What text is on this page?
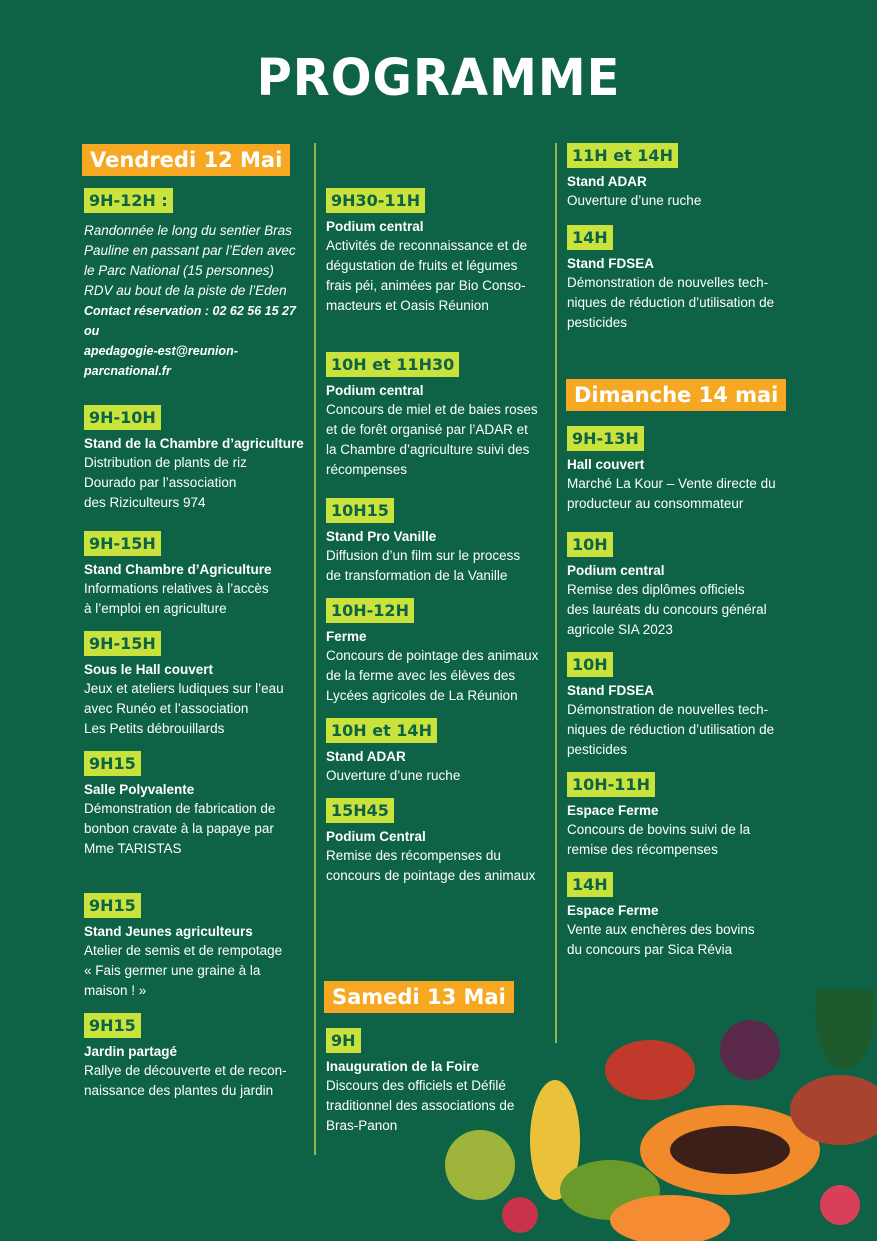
PROGRAMME
Vendredi 12 Mai
9H-12H :
Randonnée le long du sentier Bras
Pauline en passant par l’Eden avec
le Parc National (15 personnes)
RDV au bout de la piste de l’Eden
Contact réservation : 02 62 56 15 27 ou
apedagogie-est@reunion-parcnational.fr
9H-10H
Stand de la Chambre d’agriculture
Distribution de plants de riz
Dourado par l’association
des Riziculteurs 974
9H-15H
Stand Chambre d’Agriculture
Informations relatives à l’accès
à l’emploi en agriculture
9H-15H
Sous le Hall couvert
Jeux et ateliers ludiques sur l’eau
avec Runéo et l’association
Les Petits débrouillards
9H15
Salle Polyvalente
Démonstration de fabrication de
bonbon cravate à la papaye par
Mme TARISTAS
9H15
Stand Jeunes agriculteurs
Atelier de semis et de rempotage
« Fais germer une graine à la
maison ! »
9H15
Jardin partagé
Rallye de découverte et de recon-
naissance des plantes du jardin
9H30-11H
Podium central
Activités de reconnaissance et de
dégustation de fruits et légumes
frais péi, animées par Bio Conso-
macteurs et Oasis Réunion
10H et 11H30
Podium central
Concours de miel et de baies roses
et de forêt organisé par l’ADAR et
la Chambre d’agriculture suivi des
récompenses
10H15
Stand Pro Vanille
Diffusion d’un film sur le process
de transformation de la Vanille
10H-12H
Ferme
Concours de pointage des animaux
de la ferme avec les élèves des
Lycées agricoles de La Réunion
10H et 14H
Stand ADAR
Ouverture d’une ruche
15H45
Podium Central
Remise des récompenses du
concours de pointage des animaux
Samedi 13 Mai
9H
Inauguration de la Foire
Discours des officiels et Défilé
traditionnel des associations de
Bras-Panon
11H et 14H
Stand ADAR
Ouverture d’une ruche
14H
Stand FDSEA
Démonstration de nouvelles tech-
niques de réduction d’utilisation de
pesticides
Dimanche 14 mai
9H-13H
Hall couvert
Marché La Kour – Vente directe du
producteur au consommateur
10H
Podium central
Remise des diplômes officiels
des lauréats du concours général
agricole SIA 2023
10H
Stand FDSEA
Démonstration de nouvelles tech-
niques de réduction d’utilisation de
pesticides
10H-11H
Espace Ferme
Concours de bovins suivi de la
remise des récompenses
14H
Espace Ferme
Vente aux enchères des bovins
du concours par Sica Révia
